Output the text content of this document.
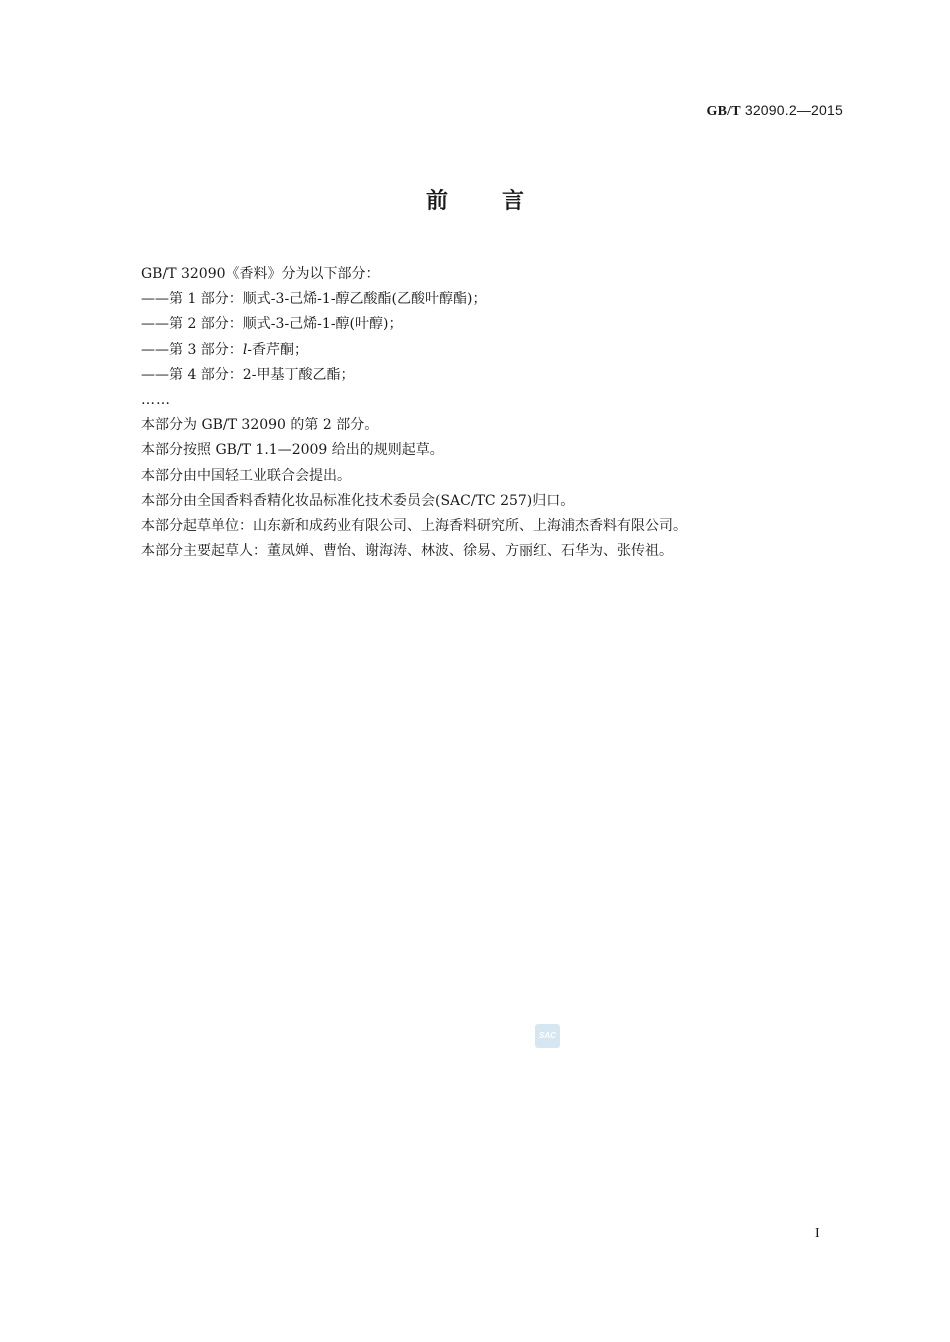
GB/T 32090.2—2015
前言
GB/T 32090《香料》分为以下部分：
——第 1 部分：顺式-3-己烯-1-醇乙酸酯(乙酸叶醇酯)；
——第 2 部分：顺式-3-己烯-1-醇(叶醇)；
——第 3 部分：l-香芹酮；
——第 4 部分：2-甲基丁酸乙酯；
……
本部分为 GB/T 32090 的第 2 部分。
本部分按照 GB/T 1.1—2009 给出的规则起草。
本部分由中国轻工业联合会提出。
本部分由全国香料香精化妆品标准化技术委员会(SAC/TC 257)归口。
本部分起草单位：山东新和成药业有限公司、上海香料研究所、上海浦杰香料有限公司。
本部分主要起草人：董凤婵、曹怡、谢海涛、林波、徐易、方丽红、石华为、张传祖。
SAC
I
